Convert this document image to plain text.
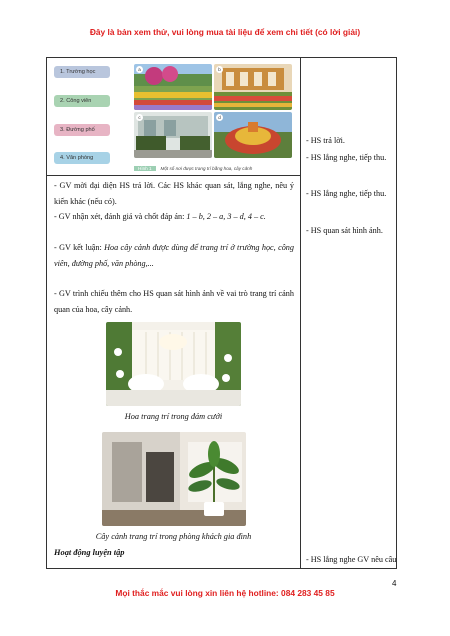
Đây là bản xem thử, vui lòng mua tài liệu để xem chi tiết (có lời giải)
1. Trường học
2. Công viên
3. Đường phố
4. Văn phòng
a	b
c	d
Hình 1 Một số nơi được trang trí bằng hoa, cây cảnh
- GV mời đại diện HS trả lời. Các HS khác quan sát, lắng nghe, nêu ý kiến khác (nếu có).
- GV nhận xét, đánh giá và chốt đáp án: 1 – b, 2 – a, 3 – d, 4 – c.
- GV kết luận: Hoa cây cảnh được dùng để trang trí ở trường học, công viên, đường phố, văn phòng,...
- GV trình chiếu thêm cho HS quan sát hình ảnh về vai trò trang trí cảnh quan của hoa, cây cảnh.
Hoa trang trí trong đám cưới
Cây cảnh trang trí trong phòng khách gia đình
Hoạt động luyện tập
- HS trả lời.
- HS lắng nghe, tiếp thu.
- HS lắng nghe, tiếp thu.
- HS quan sát hình ảnh.
- HS lắng nghe GV nêu câu
4
Mọi thắc mắc vui lòng xin liên hệ hotline: 084 283 45 85
